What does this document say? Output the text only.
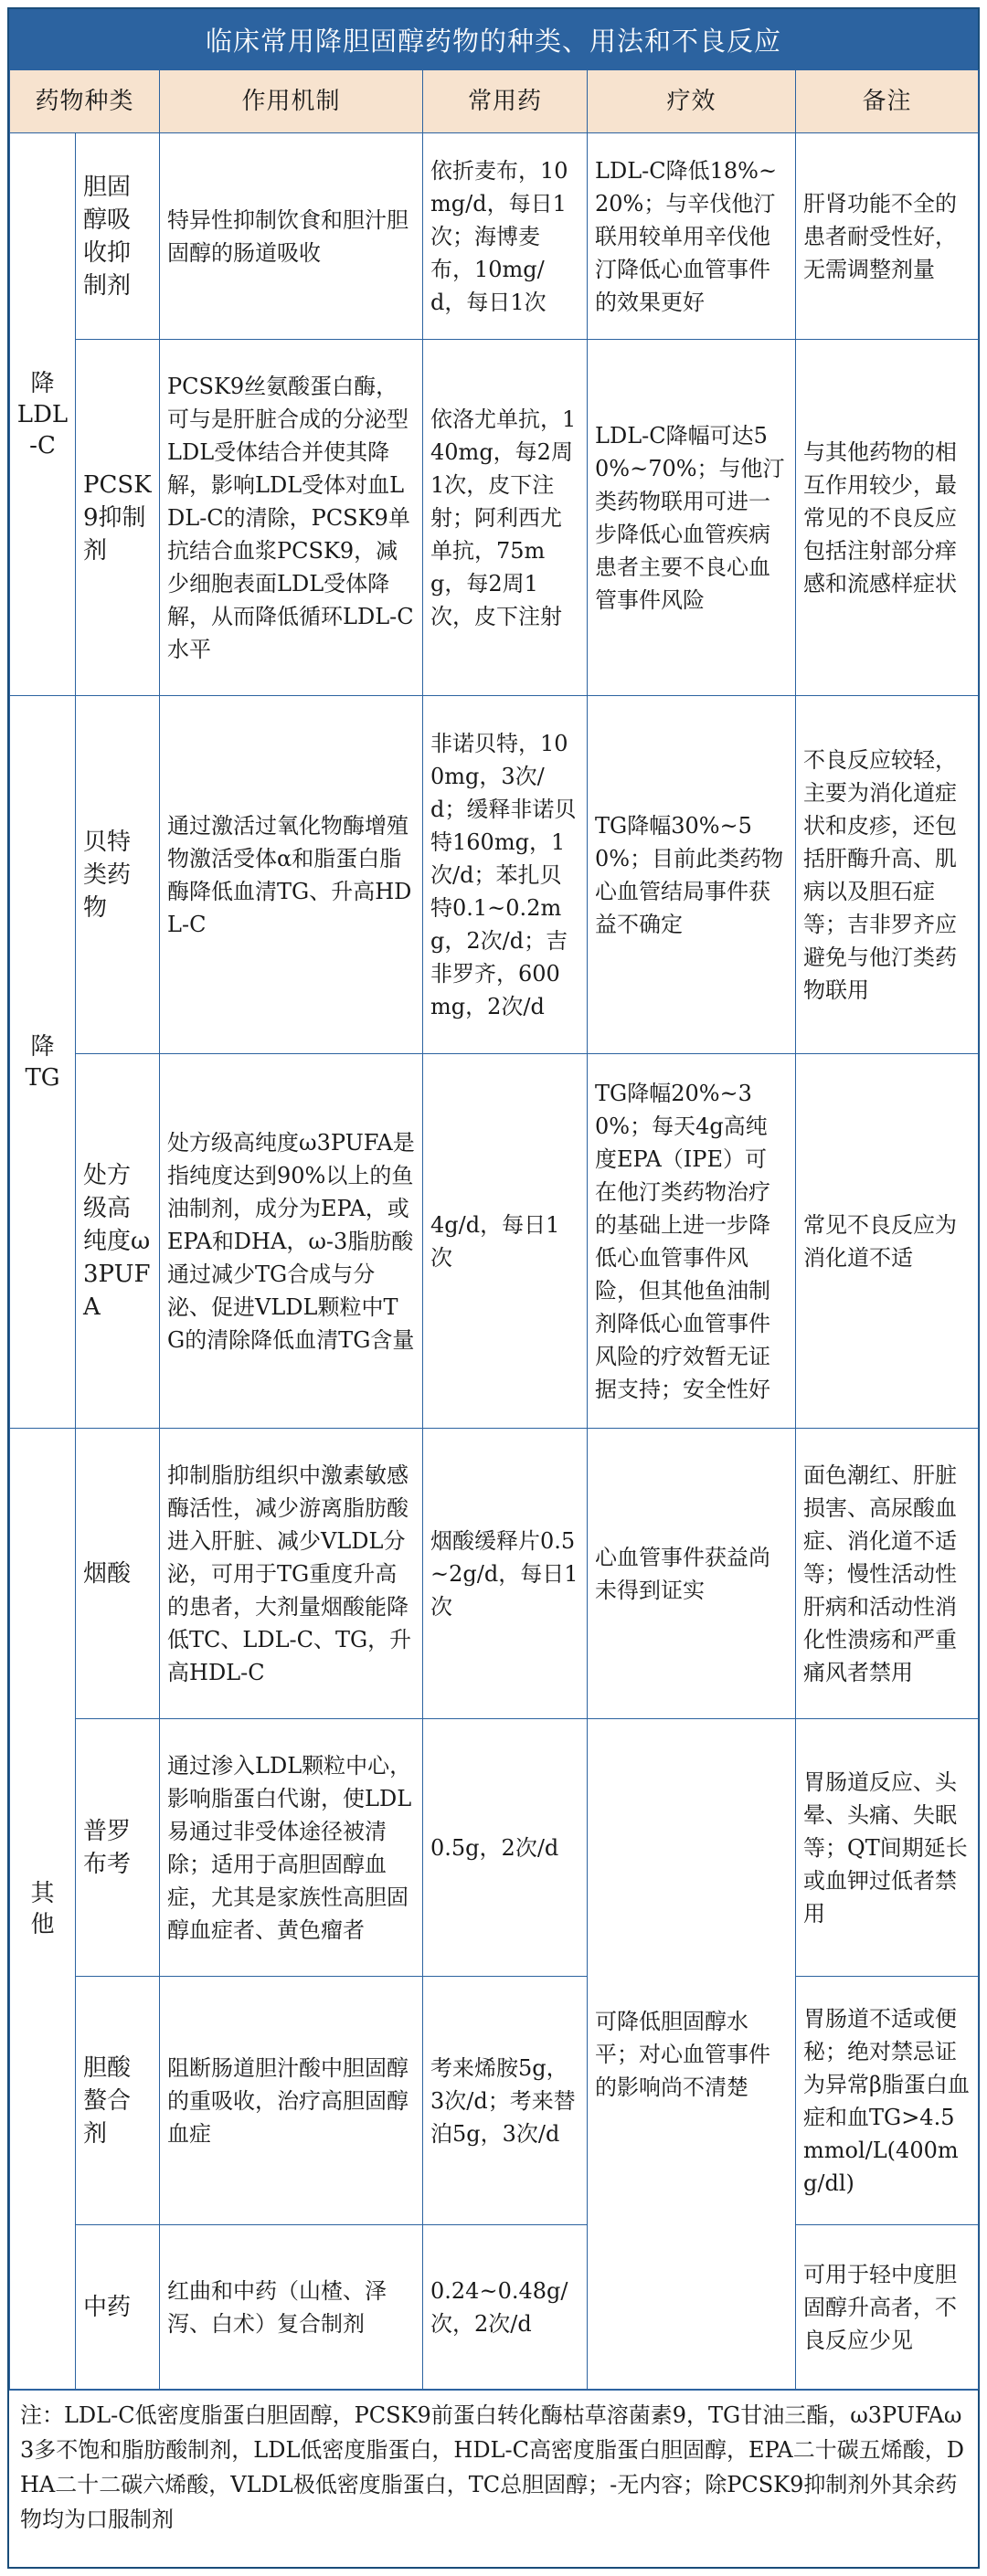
临床常用降胆固醇药物的种类、用法和不良反应
药物种类		作用机制	常用药	疗效	备注
降
LDL
-C	胆固醇吸收抑制剂	特异性抑制饮食和胆汁胆固醇的肠道吸收	依折麦布，10mg/d，每日1次；海博麦布，10mg/d，每日1次	LDL-C降低18%~20%；与辛伐他汀联用较单用辛伐他汀降低心血管事件的效果更好	肝肾功能不全的患者耐受性好，无需调整剂量
	PCSK9抑制剂	PCSK9丝氨酸蛋白酶，可与是肝脏合成的分泌型LDL受体结合并使其降解，影响LDL受体对血LDL-C的清除，PCSK9单抗结合血浆PCSK9，减少细胞表面LDL受体降解，从而降低循环LDL-C水平	依洛尤单抗，140mg，每2周1次，皮下注射；阿利西尤单抗，75mg，每2周1次，皮下注射	LDL-C降幅可达50%~70%；与他汀类药物联用可进一步降低心血管疾病患者主要不良心血管事件风险	与其他药物的相互作用较少，最常见的不良反应包括注射部分痒感和流感样症状
降
TG	贝特类药物	通过激活过氧化物酶增殖物激活受体α和脂蛋白脂酶降低血清TG、升高HDL-C	非诺贝特，100mg，3次/d；缓释非诺贝特160mg，1次/d；苯扎贝特0.1~0.2mg，2次/d；吉非罗齐，600mg，2次/d	TG降幅30%~50%；目前此类药物心血管结局事件获益不确定	不良反应较轻，主要为消化道症状和皮疹，还包括肝酶升高、肌病以及胆石症等；吉非罗齐应避免与他汀类药物联用
	处方级高纯度ω3PUFA	处方级高纯度ω3PUFA是指纯度达到90%以上的鱼油制剂，成分为EPA，或EPA和DHA，ω-3脂肪酸通过减少TG合成与分泌、促进VLDL颗粒中TG的清除降低血清TG含量	4g/d，每日1次	TG降幅20%~30%；每天4g高纯度EPA（IPE）可在他汀类药物治疗的基础上进一步降低心血管事件风险，但其他鱼油制剂降低心血管事件风险的疗效暂无证据支持；安全性好	常见不良反应为消化道不适
其
他	烟酸	抑制脂肪组织中激素敏感酶活性，减少游离脂肪酸进入肝脏、减少VLDL分泌，可用于TG重度升高的患者，大剂量烟酸能降低TC、LDL-C、TG，升高HDL-C	烟酸缓释片0.5~2g/d，每日1次	心血管事件获益尚未得到证实	面色潮红、肝脏损害、高尿酸血症、消化道不适等；慢性活动性肝病和活动性消化性溃疡和严重痛风者禁用
	普罗布考	通过渗入LDL颗粒中心，影响脂蛋白代谢，使LDL易通过非受体途径被清除；适用于高胆固醇血症，尤其是家族性高胆固醇血症者、黄色瘤者	0.5g，2次/d	可降低胆固醇水平；对心血管事件的影响尚不清楚	胃肠道反应、头晕、头痛、失眠等；QT间期延长或血钾过低者禁用
	胆酸螯合剂	阻断肠道胆汁酸中胆固醇的重吸收，治疗高胆固醇血症	考来烯胺5g，3次/d；考来替泊5g，3次/d		胃肠道不适或便秘；绝对禁忌证为异常β脂蛋白血症和血TG>4.5 mmol/L(400mg/dl)
	中药	红曲和中药（山楂、泽泻、白术）复合制剂	0.24~0.48g/次，2次/d		可用于轻中度胆固醇升高者，不良反应少见
注：LDL-C低密度脂蛋白胆固醇，PCSK9前蛋白转化酶枯草溶菌素9，TG甘油三酯，ω3PUFAω3多不饱和脂肪酸制剂，LDL低密度脂蛋白，HDL-C高密度脂蛋白胆固醇，EPA二十碳五烯酸，DHA二十二碳六烯酸，VLDL极低密度脂蛋白，TC总胆固醇；-无内容；除PCSK9抑制剂外其余药物均为口服制剂
